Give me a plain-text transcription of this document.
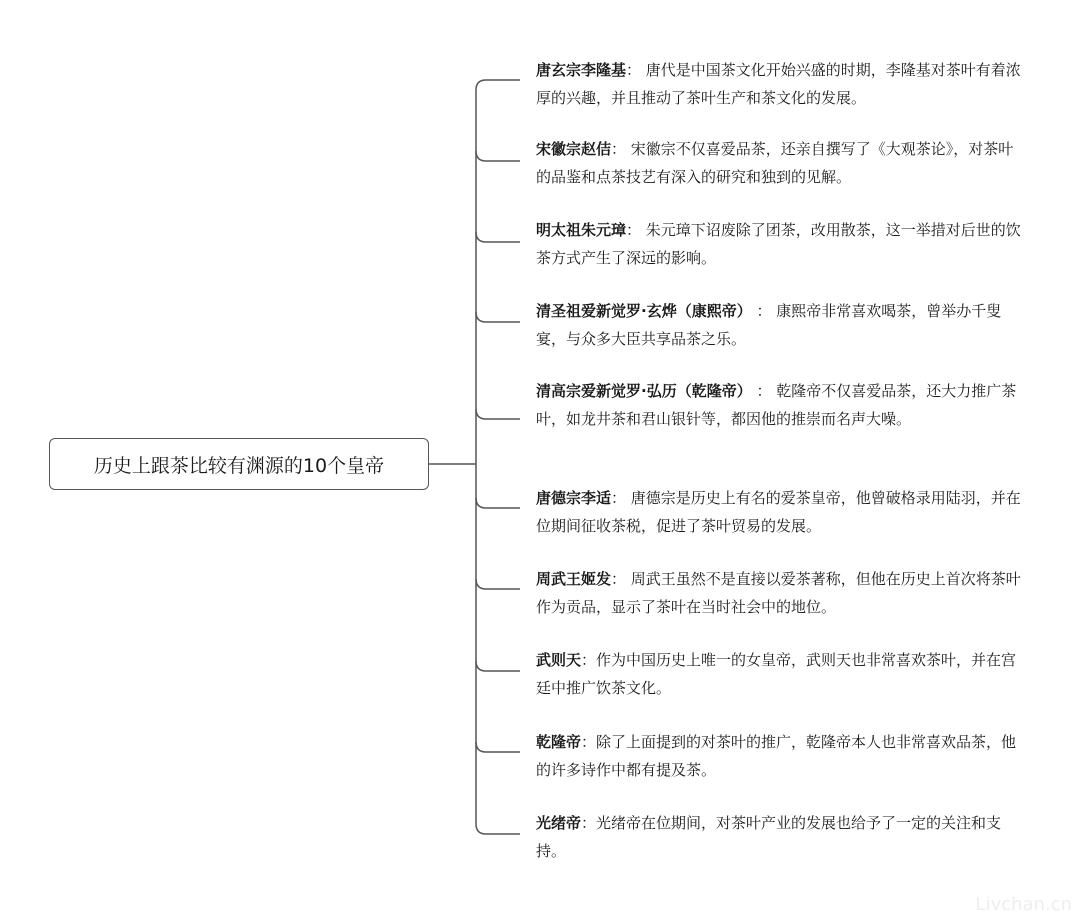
历史上跟茶比较有渊源的10个皇帝
唐玄宗李隆基： 唐代是中国茶文化开始兴盛的时期，李隆基对茶叶有着浓厚的兴趣，并且推动了茶叶生产和茶文化的发展。
宋徽宗赵佶： 宋徽宗不仅喜爱品茶，还亲自撰写了《大观茶论》，对茶叶的品鉴和点茶技艺有深入的研究和独到的见解。
明太祖朱元璋： 朱元璋下诏废除了团茶，改用散茶，这一举措对后世的饮茶方式产生了深远的影响。
清圣祖爱新觉罗·玄烨（康熙帝） ： 康熙帝非常喜欢喝茶，曾举办千叟宴，与众多大臣共享品茶之乐。
清高宗爱新觉罗·弘历（乾隆帝） ： 乾隆帝不仅喜爱品茶，还大力推广茶叶，如龙井茶和君山银针等，都因他的推崇而名声大噪。
唐德宗李适： 唐德宗是历史上有名的爱茶皇帝，他曾破格录用陆羽，并在位期间征收茶税，促进了茶叶贸易的发展。
周武王姬发： 周武王虽然不是直接以爱茶著称，但他在历史上首次将茶叶作为贡品，显示了茶叶在当时社会中的地位。
武则天：作为中国历史上唯一的女皇帝，武则天也非常喜欢茶叶，并在宫廷中推广饮茶文化。
乾隆帝：除了上面提到的对茶叶的推广，乾隆帝本人也非常喜欢品茶，他的许多诗作中都有提及茶。
光绪帝：光绪帝在位期间，对茶叶产业的发展也给予了一定的关注和支持。
Livchan.cn
